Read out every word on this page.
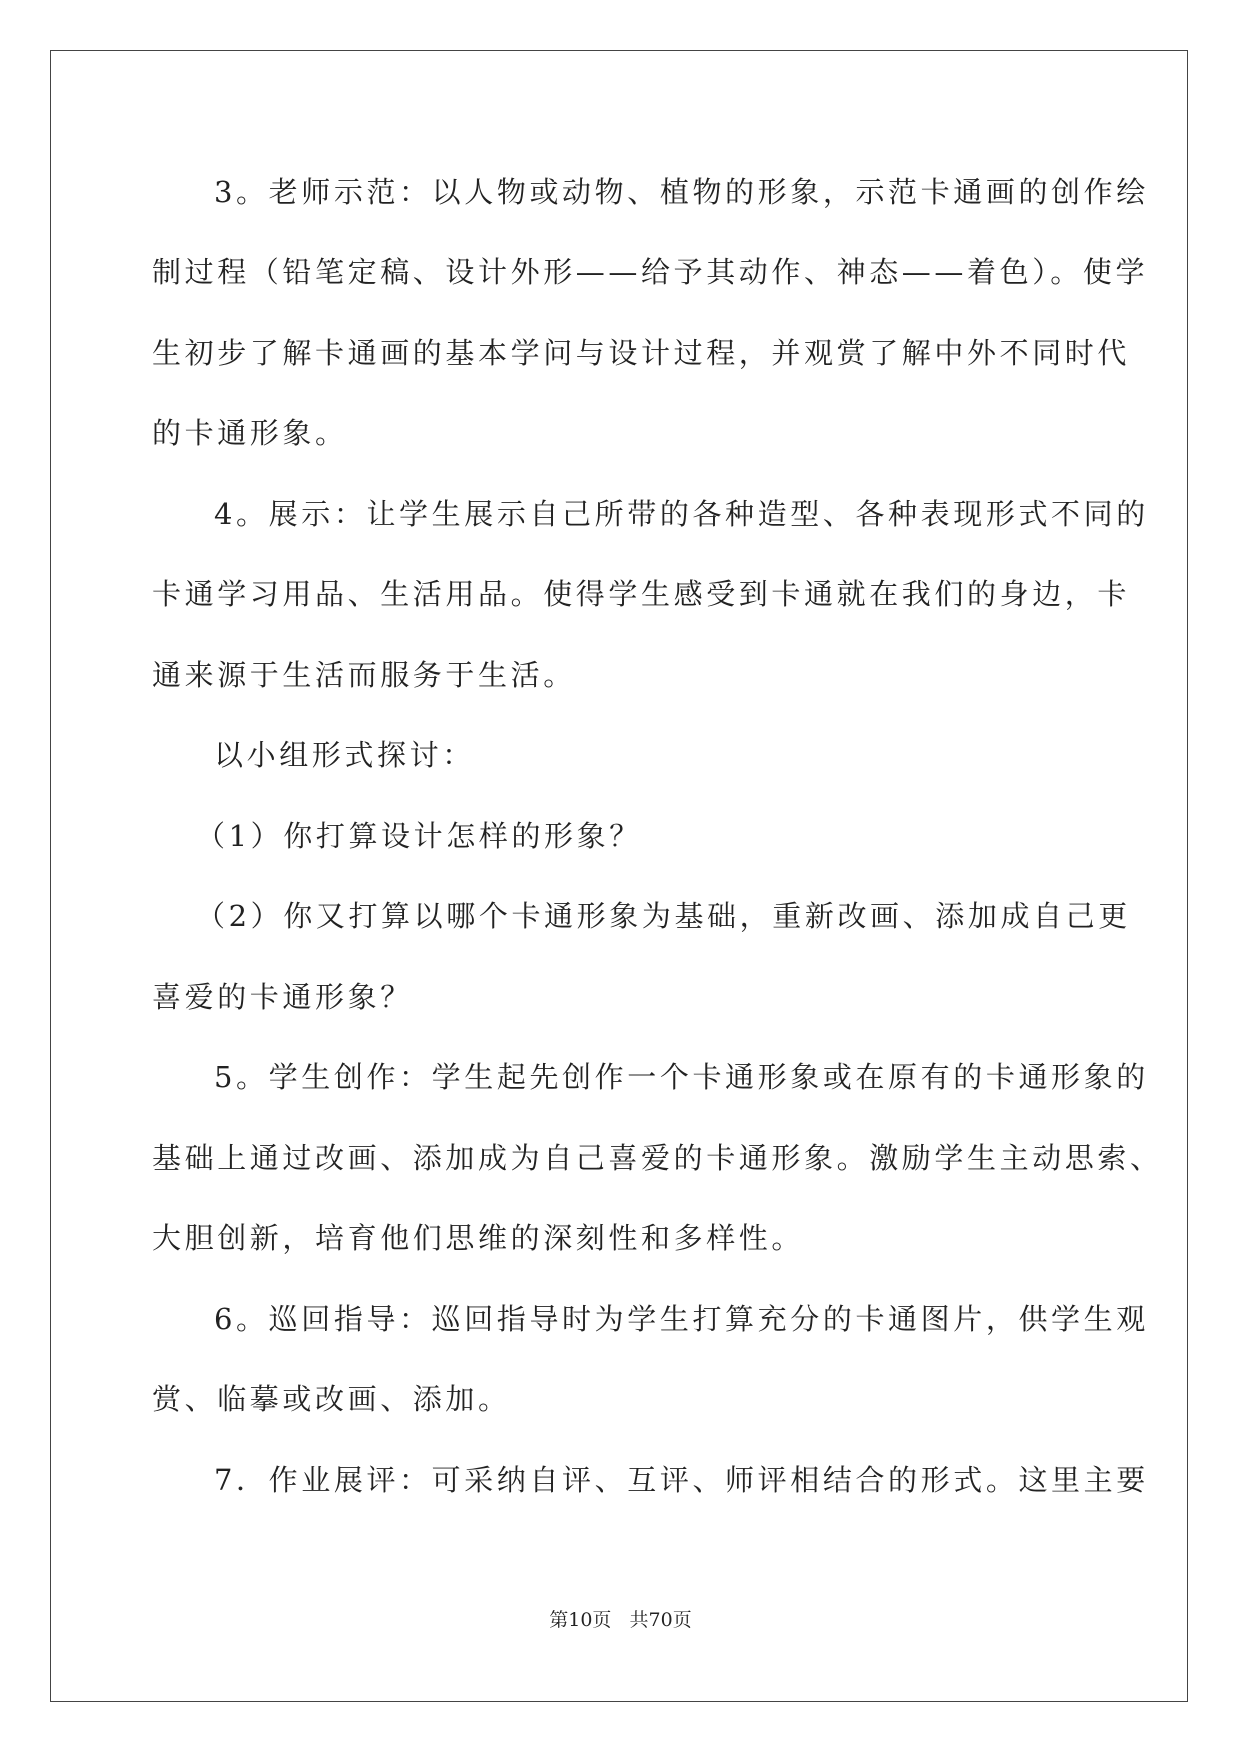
3。老师示范：以人物或动物、植物的形象，示范卡通画的创作绘
制过程（铅笔定稿、设计外形——给予其动作、神态——着色）。使学
生初步了解卡通画的基本学问与设计过程，并观赏了解中外不同时代
的卡通形象。
4。展示：让学生展示自己所带的各种造型、各种表现形式不同的
卡通学习用品、生活用品。使得学生感受到卡通就在我们的身边，卡
通来源于生活而服务于生活。
以小组形式探讨：
（1）你打算设计怎样的形象？
（2）你又打算以哪个卡通形象为基础，重新改画、添加成自己更
喜爱的卡通形象？
5。学生创作：学生起先创作一个卡通形象或在原有的卡通形象的
基础上通过改画、添加成为自己喜爱的卡通形象。激励学生主动思索、
大胆创新，培育他们思维的深刻性和多样性。
6。巡回指导：巡回指导时为学生打算充分的卡通图片，供学生观
赏、临摹或改画、添加。
7．作业展评：可采纳自评、互评、师评相结合的形式。这里主要
第10页   共70页
